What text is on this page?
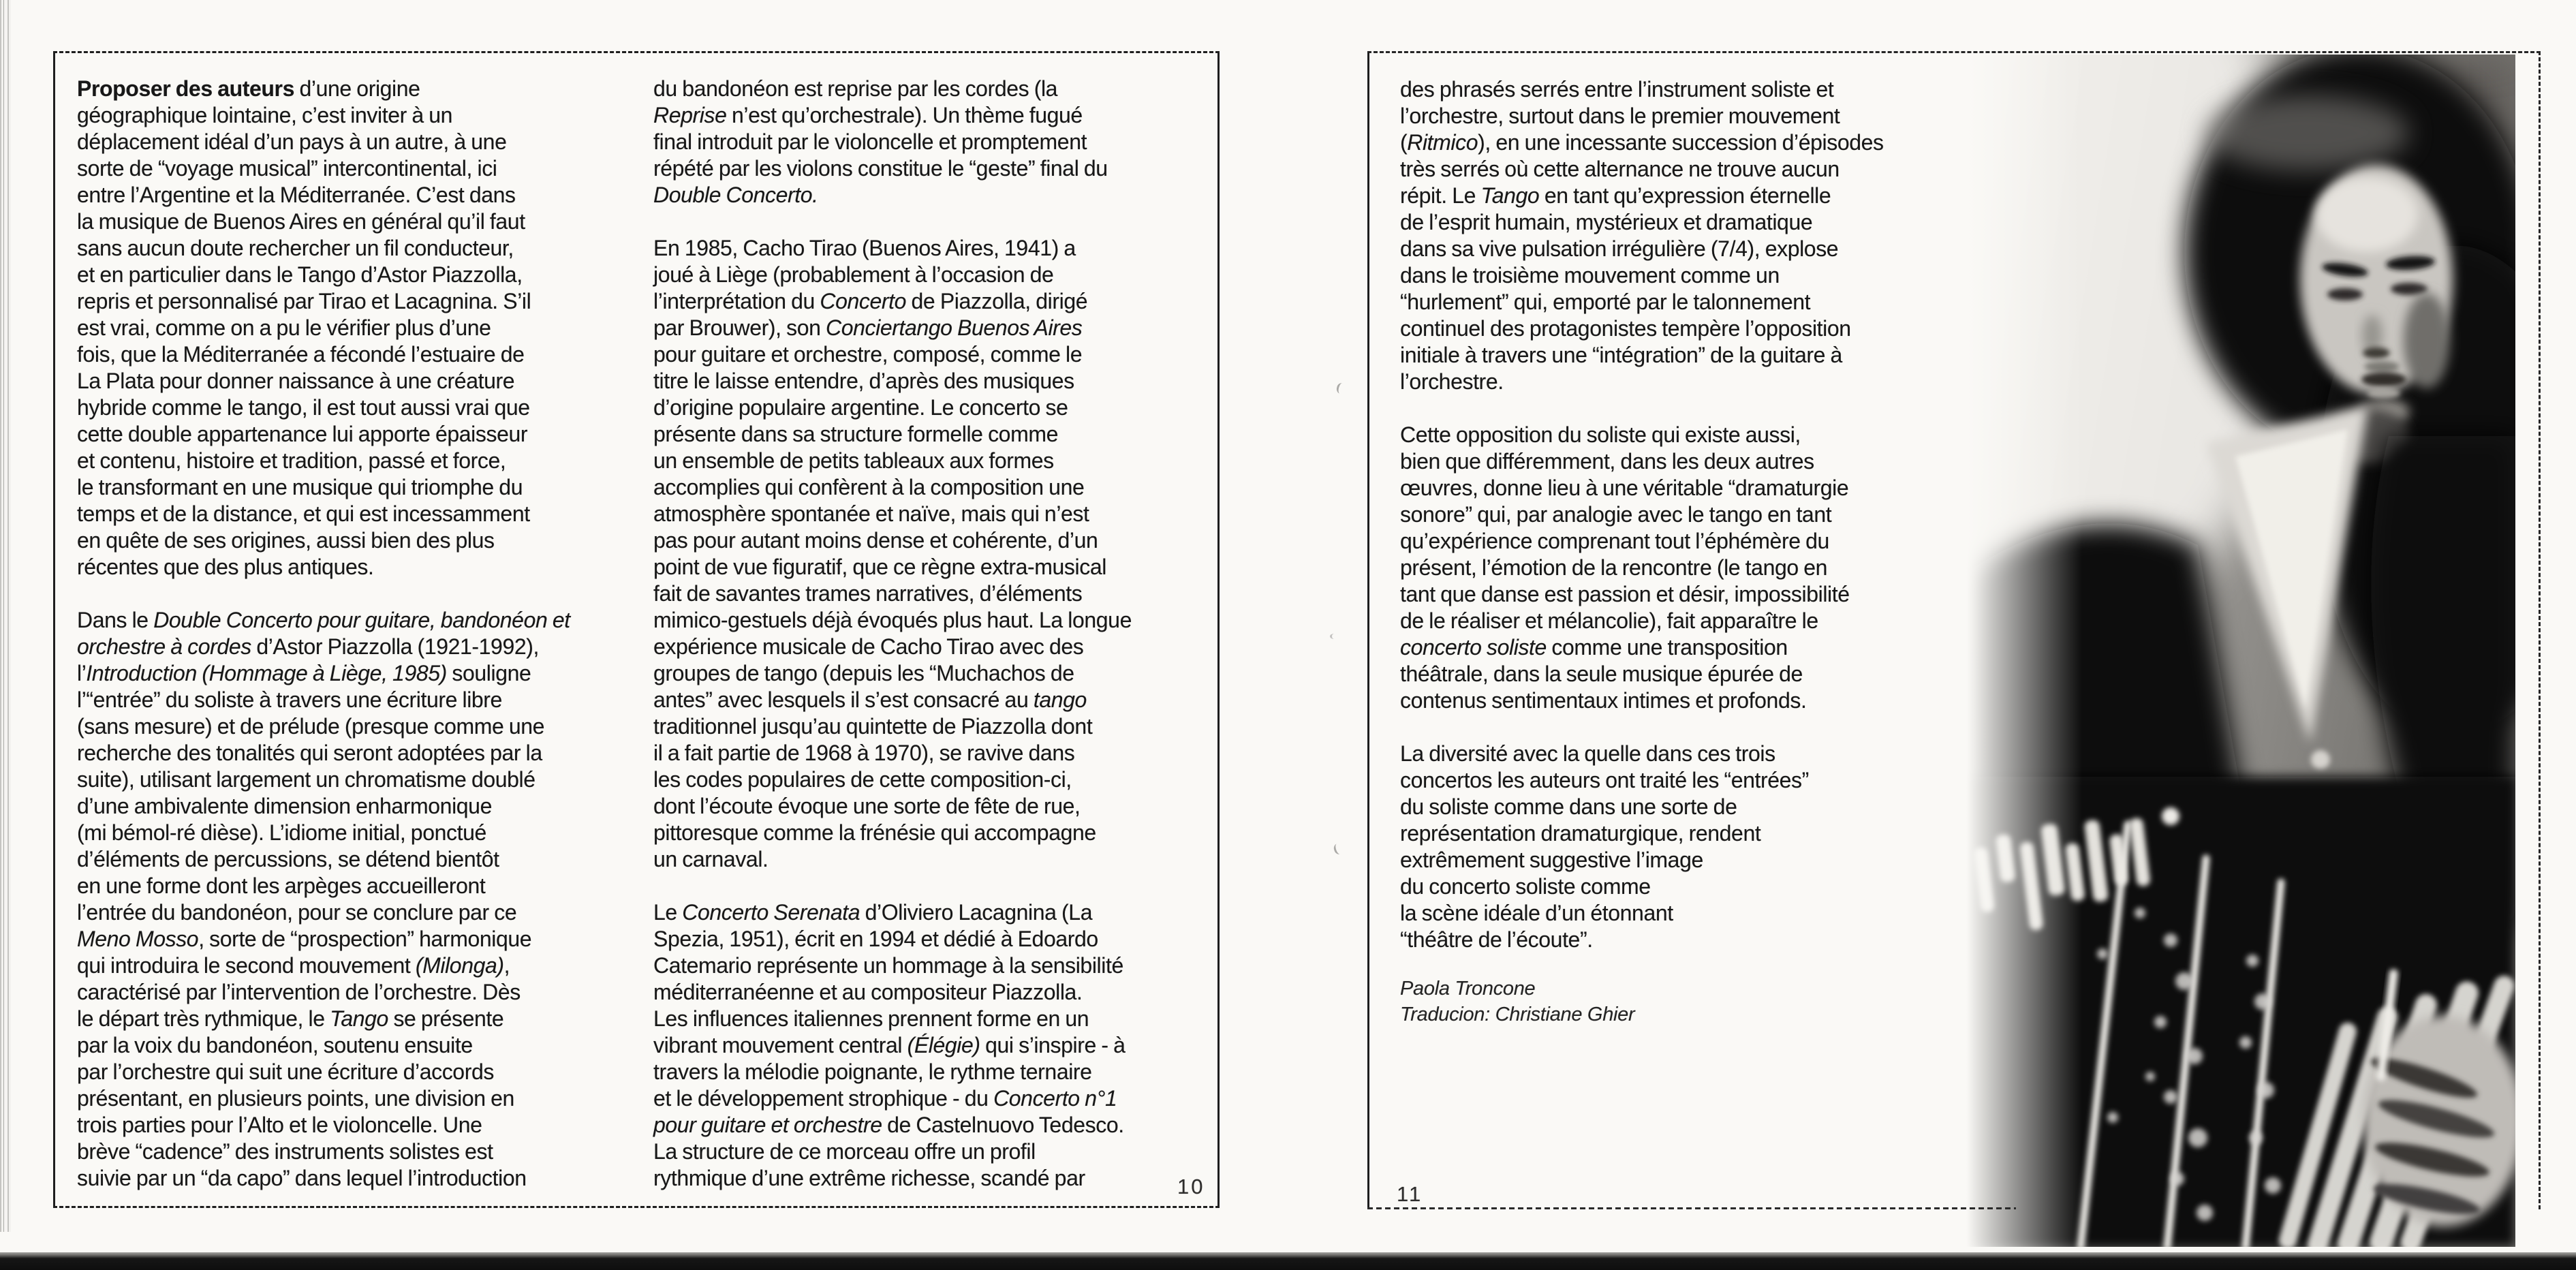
Proposer des auteurs d’une origine
géographique lointaine, c’est inviter à un
déplacement idéal d’un pays à un autre, à une
sorte de “voyage musical” intercontinental, ici
entre l’Argentine et la Méditerranée. C’est dans
la musique de Buenos Aires en général qu’il faut
sans aucun doute rechercher un fil conducteur,
et en particulier dans le Tango d’Astor Piazzolla,
repris et personnalisé par Tirao et Lacagnina. S’il
est vrai, comme on a pu le vérifier plus d’une
fois, que la Méditerranée a fécondé l’estuaire de
La Plata pour donner naissance à une créature
hybride comme le tango, il est tout aussi vrai que
cette double appartenance lui apporte épaisseur
et contenu, histoire et tradition, passé et force,
le transformant en une musique qui triomphe du
temps et de la distance, et qui est incessamment
en quête de ses origines, aussi bien des plus
récentes que des plus antiques.

Dans le Double Concerto pour guitare, bandonéon et
orchestre à cordes d’Astor Piazzolla (1921-1992),
l’Introduction (Hommage à Liège, 1985) souligne
l’“entrée” du soliste à travers une écriture libre
(sans mesure) et de prélude (presque comme une
recherche des tonalités qui seront adoptées par la
suite), utilisant largement un chromatisme doublé
d’une ambivalente dimension enharmonique
(mi bémol-ré dièse). L’idiome initial, ponctué
d’éléments de percussions, se détend bientôt
en une forme dont les arpèges accueilleront
l’entrée du bandonéon, pour se conclure par ce
Meno Mosso, sorte de “prospection” harmonique
qui introduira le second mouvement (Milonga),
caractérisé par l’intervention de l’orchestre. Dès
le départ très rythmique, le Tango se présente
par la voix du bandonéon, soutenu ensuite
par l’orchestre qui suit une écriture d’accords
présentant, en plusieurs points, une division en
trois parties pour l’Alto et le violoncelle. Une
brève “cadence” des instruments solistes est
suivie par un “da capo” dans lequel l’introduction

du bandonéon est reprise par les cordes (la
Reprise n’est qu’orchestrale). Un thème fugué
final introduit par le violoncelle et promptement
répété par les violons constitue le “geste” final du
Double Concerto.

En 1985, Cacho Tirao (Buenos Aires, 1941) a
joué à Liège (probablement à l’occasion de
l’interprétation du Concerto de Piazzolla, dirigé
par Brouwer), son Conciertango Buenos Aires
pour guitare et orchestre, composé, comme le
titre le laisse entendre, d’après des musiques
d’origine populaire argentine. Le concerto se
présente dans sa structure formelle comme
un ensemble de petits tableaux aux formes
accomplies qui confèrent à la composition une
atmosphère spontanée et naïve, mais qui n’est
pas pour autant moins dense et cohérente, d’un
point de vue figuratif, que ce règne extra-musical
fait de savantes trames narratives, d’éléments
mimico-gestuels déjà évoqués plus haut. La longue
expérience musicale de Cacho Tirao avec des
groupes de tango (depuis les “Muchachos de
antes” avec lesquels il s’est consacré au tango
traditionnel jusqu’au quintette de Piazzolla dont
il a fait partie de 1968 à 1970), se ravive dans
les codes populaires de cette composition-ci,
dont l’écoute évoque une sorte de fête de rue,
pittoresque comme la frénésie qui accompagne
un carnaval.

Le Concerto Serenata d’Oliviero Lacagnina (La
Spezia, 1951), écrit en 1994 et dédié à Edoardo
Catemario représente un hommage à la sensibilité
méditerranéenne et au compositeur Piazzolla.
Les influences italiennes prennent forme en un
vibrant mouvement central (Élégie) qui s’inspire - à
travers la mélodie poignante, le rythme ternaire
et le développement strophique - du Concerto n°1
pour guitare et orchestre de Castelnuovo Tedesco.
La structure de ce morceau offre un profil
rythmique d’une extrême richesse, scandé par	10

des phrasés serrés entre l’instrument soliste et
l’orchestre, surtout dans le premier mouvement
(Ritmico), en une incessante succession d’épisodes
très serrés où cette alternance ne trouve aucun
répit. Le Tango en tant qu’expression éternelle
de l’esprit humain, mystérieux et dramatique
dans sa vive pulsation irrégulière (7/4), explose
dans le troisième mouvement comme un
“hurlement” qui, emporté par le talonnement
continuel des protagonistes tempère l’opposition
initiale à travers une “intégration” de la guitare à
l’orchestre.

Cette opposition du soliste qui existe aussi,
bien que différemment, dans les deux autres
œuvres, donne lieu à une véritable “dramaturgie
sonore” qui, par analogie avec le tango en tant
qu’expérience comprenant tout l’éphémère du
présent, l’émotion de la rencontre (le tango en
tant que danse est passion et désir, impossibilité
de le réaliser et mélancolie), fait apparaître le
concerto soliste comme une transposition
théâtrale, dans la seule musique épurée de
contenus sentimentaux intimes et profonds.

La diversité avec la quelle dans ces trois
concertos les auteurs ont traité les “entrées”
du soliste comme dans une sorte de
représentation dramaturgique, rendent
extrêmement suggestive l’image
du concerto soliste comme
la scène idéale d’un étonnant
“théâtre de l’écoute”.

Paola Troncone
Traducion: Christiane Ghier
11
